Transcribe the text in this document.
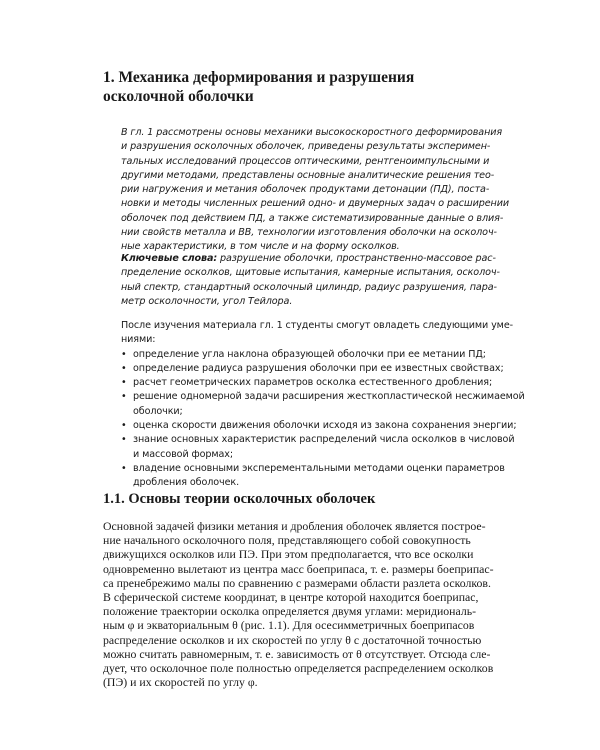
1. Механика деформирования и разрушения
осколочной оболочки
В гл. 1 рассмотрены основы механики высокоскоростного деформирования
и разрушения осколочных оболочек, приведены результаты эксперимен-
тальных исследований процессов оптическими, рентгеноимпульсными и
другими методами, представлены основные аналитические решения тео-
рии нагружения и метания оболочек продуктами детонации (ПД), поста-
новки и методы численных решений одно- и двумерных задач о расширении
оболочек под действием ПД, а также систематизированные данные о влия-
нии свойств металла и ВВ, технологии изготовления оболочки на осколоч-
ные характеристики, в том числе и на форму осколков.
Ключевые слова: разрушение оболочки, пространственно-массовое рас-
пределение осколков, щитовые испытания, камерные испытания, осколоч-
ный спектр, стандартный осколочный цилиндр, радиус разрушения, пара-
метр осколочности, угол Тейлора.
После изучения материала гл. 1 студенты смогут овладеть следующими уме-
ниями:
• определение угла наклона образующей оболочки при ее метании ПД;
• определение радиуса разрушения оболочки при ее известных свойствах;
• расчет геометрических параметров осколка естественного дробления;
• решение одномерной задачи расширения жесткопластической несжимаемой
оболочки;
• оценка скорости движения оболочки исходя из закона сохранения энергии;
• знание основных характеристик распределений числа осколков в числовой
и массовой формах;
• владение основными эксперементальными методами оценки параметров
дробления оболочек.
1.1. Основы теории осколочных оболочек
Основной задачей физики метания и дробления оболочек является построе-
ние начального осколочного поля, представляющего собой совокупность
движущихся осколков или ПЭ. При этом предполагается, что все осколки
одновременно вылетают из центра масс боеприпаса, т. е. размеры боеприпас-
са пренебрежимо малы по сравнению с размерами области разлета осколков.
В сферической системе координат, в центре которой находится боеприпас,
положение траектории осколка определяется двумя углами: меридиональ-
ным φ и экваториальным θ (рис. 1.1). Для осесимметричных боеприпасов
распределение осколков и их скоростей по углу θ с достаточной точностью
можно считать равномерным, т. е. зависимость от θ отсутствует. Отсюда сле-
дует, что осколочное поле полностью определяется распределением осколков
(ПЭ) и их скоростей по углу φ.
